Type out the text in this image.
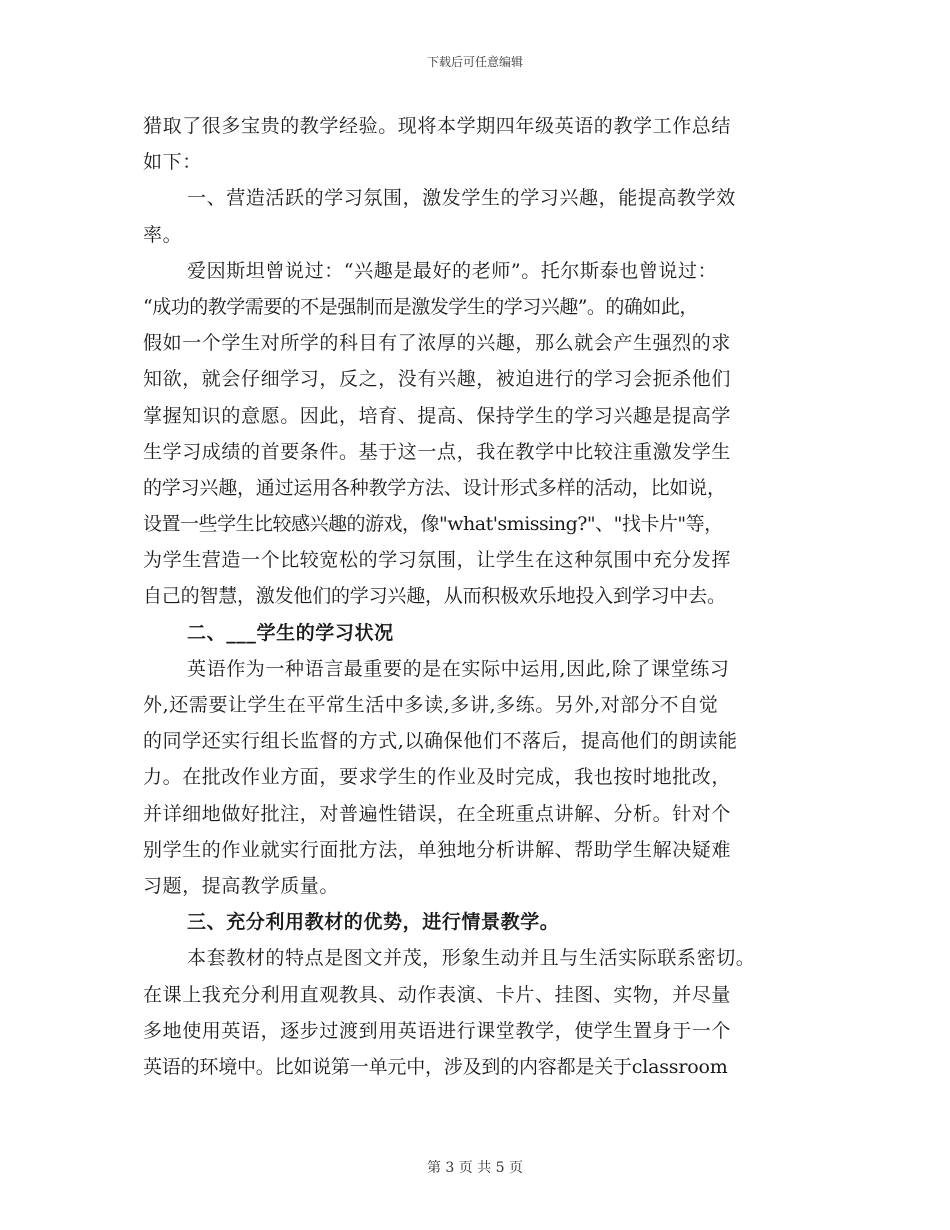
下载后可任意编辑
猎取了很多宝贵的教学经验。现将本学期四年级英语的教学工作总结
如下：
一、营造活跃的学习氛围，激发学生的学习兴趣，能提高教学效
率。
爱因斯坦曾说过：“兴趣是最好的老师”。托尔斯泰也曾说过：
“成功的教学需要的不是强制而是激发学生的学习兴趣”。的确如此，
假如一个学生对所学的科目有了浓厚的兴趣，那么就会产生强烈的求
知欲，就会仔细学习，反之，没有兴趣，被迫进行的学习会扼杀他们
掌握知识的意愿。因此，培育、提高、保持学生的学习兴趣是提高学
生学习成绩的首要条件。基于这一点，我在教学中比较注重激发学生
的学习兴趣，通过运用各种教学方法、设计形式多样的活动，比如说，
设置一些学生比较感兴趣的游戏，像"what'smissing?"、"找卡片"等，
为学生营造一个比较宽松的学习氛围，让学生在这种氛围中充分发挥
自己的智慧，激发他们的学习兴趣，从而积极欢乐地投入到学习中去。
二、___学生的学习状况
英语作为一种语言最重要的是在实际中运用,因此,除了课堂练习
外,还需要让学生在平常生活中多读,多讲,多练。另外,对部分不自觉
的同学还实行组长监督的方式,以确保他们不落后，提高他们的朗读能
力。在批改作业方面，要求学生的作业及时完成，我也按时地批改，
并详细地做好批注，对普遍性错误，在全班重点讲解、分析。针对个
别学生的作业就实行面批方法，单独地分析讲解、帮助学生解决疑难
习题，提高教学质量。
三、充分利用教材的优势，进行情景教学。
本套教材的特点是图文并茂，形象生动并且与生活实际联系密切。
在课上我充分利用直观教具、动作表演、卡片、挂图、实物，并尽量
多地使用英语，逐步过渡到用英语进行课堂教学，使学生置身于一个
英语的环境中。比如说第一单元中，涉及到的内容都是关于classroom
第 3 页 共 5 页
